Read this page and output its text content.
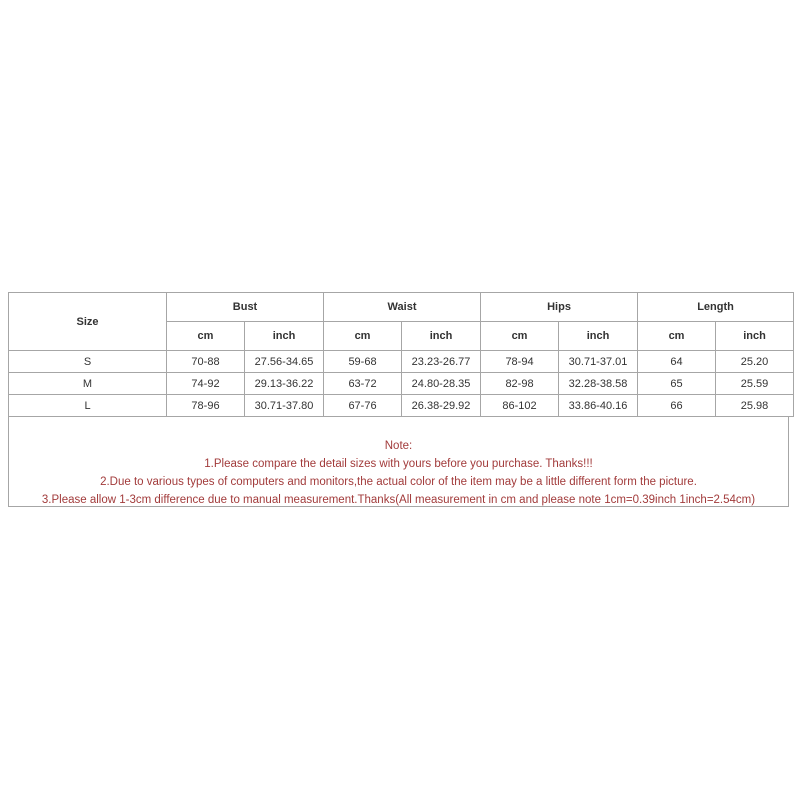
Size	Bust		Waist		Hips		Length	
	cm	inch	cm	inch	cm	inch	cm	inch
S	70-88	27.56-34.65	59-68	23.23-26.77	78-94	30.71-37.01	64	25.20
M	74-92	29.13-36.22	63-72	24.80-28.35	82-98	32.28-38.58	65	25.59
L	78-96	30.71-37.80	67-76	26.38-29.92	86-102	33.86-40.16	66	25.98
Note:
1.Please compare the detail sizes with yours before you purchase. Thanks!!!
2.Due to various types of computers and monitors,the actual color of the item may be a little different form the picture.
3.Please allow 1-3cm difference due to manual measurement.Thanks(All measurement in cm and please note 1cm=0.39inch 1inch=2.54cm)
